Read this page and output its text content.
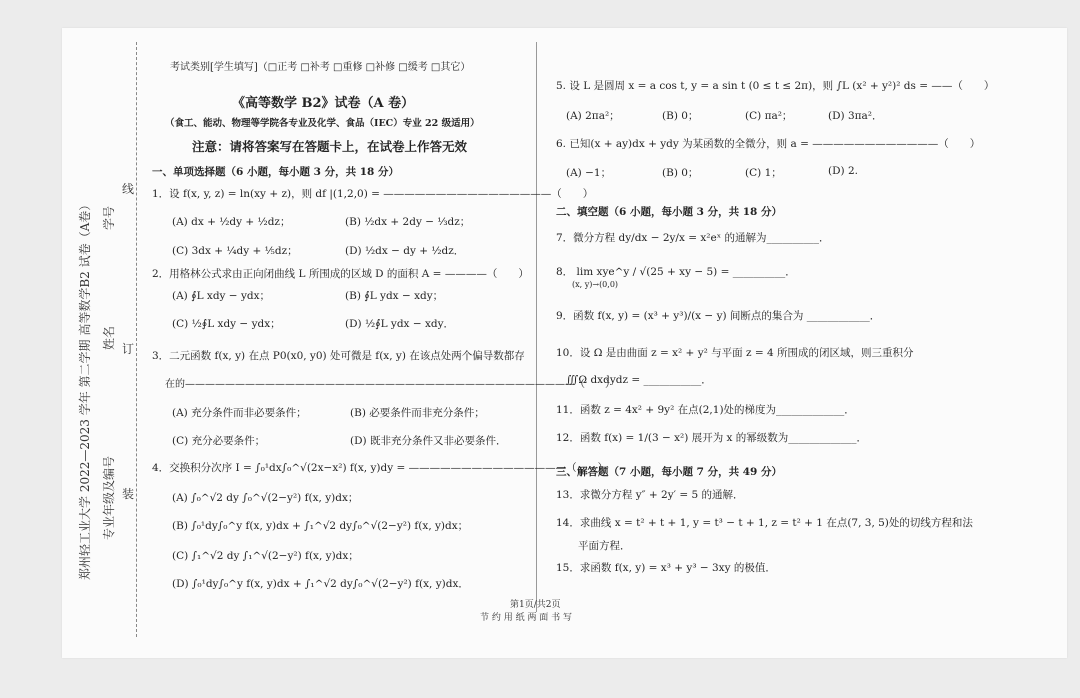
郑州轻工业大学 2022—2023 学年 第二学期 高等数学B2 试卷（A卷） 专业年级及编号
姓名
学号
线
订
装
考试类别[学生填写]（□正考 □补考 □重修 □补修 □缓考 □其它）
《高等数学 B2》试卷（A 卷）
（食工、能动、物理等学院各专业及化学、食品（IEC）专业 22 级适用）
注意：请将答案写在答题卡上，在试卷上作答无效
一、单项选择题（6 小题，每小题 3 分，共 18 分）
1．设 f(x, y, z) = ln(xy + z)，则 df |(1,2,0) = ————————————————（　　）
(A) dx + ½dy + ½dz；	(B) ½dx + 2dy − ⅓dz；
(C) 3dx + ¼dy + ⅕dz；	(D) ½dx − dy + ½dz．
2．用格林公式求由正向闭曲线 L 所围成的区域 D 的面积 A = ————（　　）
(A) ∮L xdy − ydx；	(B) ∮L ydx − xdy；
(C) ½∮L xdy − ydx；	(D) ½∮L ydx − xdy．
3．二元函数 f(x, y) 在点 P0(x0, y0) 处可微是 f(x, y) 在该点处两个偏导数都存
在的———————————————————————————————————————（　　）
(A) 充分条件而非必要条件；	(B) 必要条件而非充分条件；
(C) 充分必要条件；	(D) 既非充分条件又非必要条件．
4．交换积分次序 I = ∫₀¹dx∫₀^√(2x−x²) f(x, y)dy = ———————————————（　　）
(A) ∫₀^√2 dy ∫₀^√(2−y²) f(x, y)dx；
(B) ∫₀¹dy∫₀^y f(x, y)dx + ∫₁^√2 dy∫₀^√(2−y²) f(x, y)dx；
(C) ∫₁^√2 dy ∫₁^√(2−y²) f(x, y)dx；
(D) ∫₀¹dy∫₀^y f(x, y)dx + ∫₁^√2 dy∫₀^√(2−y²) f(x, y)dx．
5. 设 L 是圆周 x = a cos t, y = a sin t (0 ≤ t ≤ 2π)，则 ∫L (x² + y²)² ds = ——（　　）
(A) 2πa²；	(B) 0；	(C) πa²；	(D) 3πa²．
6. 已知(x + ay)dx + ydy 为某函数的全微分，则 a = ————————————（　　）
(A) −1；	(B) 0；	(C) 1；	(D) 2.
二、填空题（6 小题，每小题 3 分，共 18 分）
7．微分方程 dy/dx − 2y/x = x²eˣ 的通解为__________．
8． lim xye^y / √(25 + xy − 5) = __________．
(x, y)→(0,0)
9．函数 f(x, y) = (x³ + y³)/(x − y) 间断点的集合为 ____________．
10．设 Ω 是由曲面 z = x² + y² 与平面 z = 4 所围成的闭区域，则三重积分
∭Ω dxdydz = ___________．
11．函数 z = 4x² + 9y² 在点(2,1)处的梯度为_____________．
12．函数 f(x) = 1/(3 − x²) 展开为 x 的幂级数为_____________．
三、解答题（7 小题，每小题 7 分，共 49 分）
13．求微分方程 y″ + 2y′ = 5 的通解．
14．求曲线 x = t² + t + 1, y = t³ − t + 1, z = t² + 1 在点(7, 3, 5)处的切线方程和法
平面方程．
15．求函数 f(x, y) = x³ + y³ − 3xy 的极值．
第1页/共2页
节 约 用 纸 两 面 书 写
